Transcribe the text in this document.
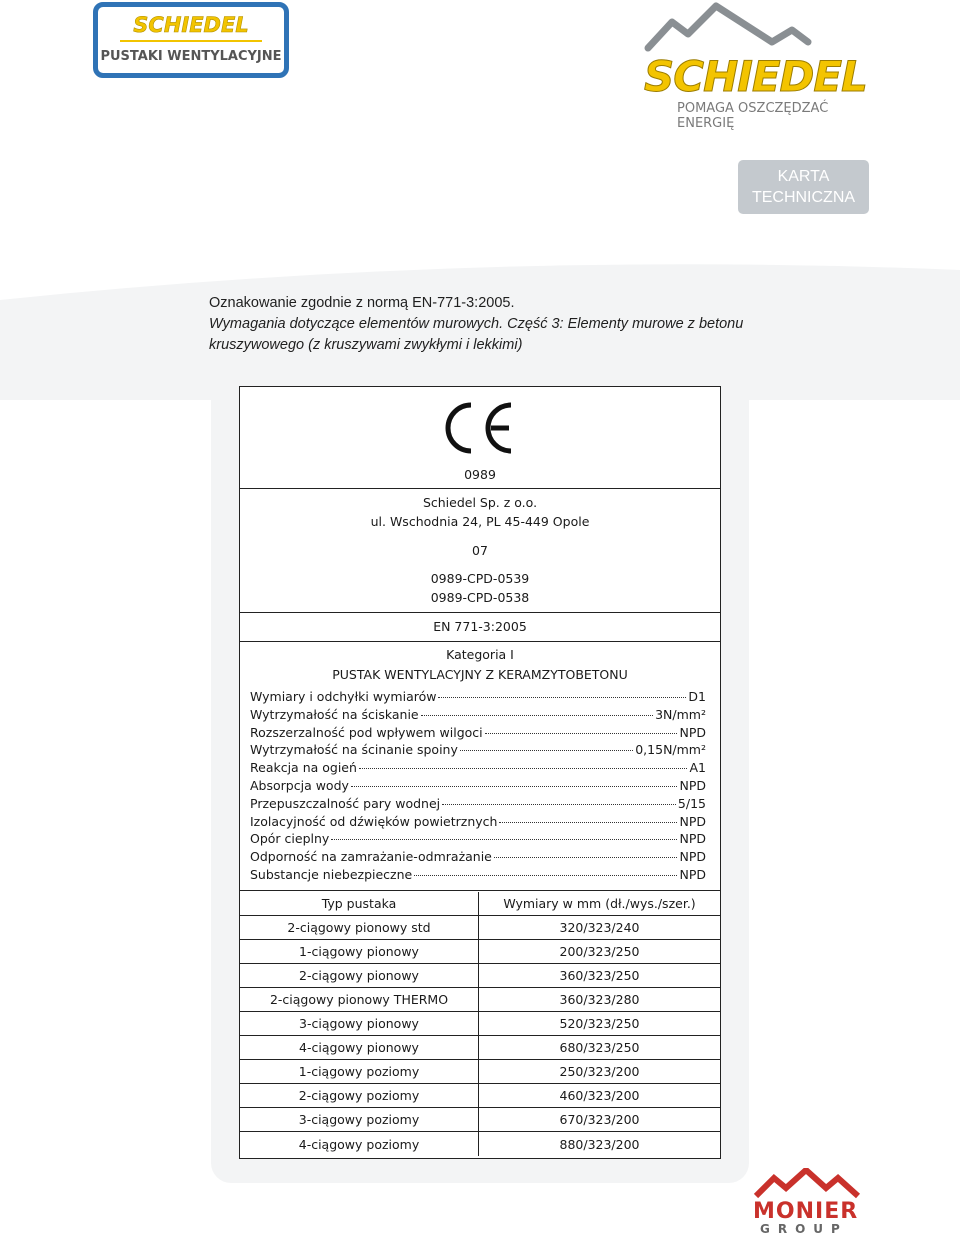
SCHIEDEL
PUSTAKI WENTYLACYJNE	SCHIEDEL
POMAGA OSZCZĘDZAĆ ENERGIĘ
KARTA
TECHNICZNA
Oznakowanie zgodnie z normą EN-771-3:2005.
Wymagania dotyczące elementów murowych. Część 3: Elementy murowe z betonu
kruszywowego (z kruszywami zwykłymi i lekkimi)
0989
Schiedel Sp. z o.o.
ul. Wschodnia 24, PL 45-449 Opole
07
0989-CPD-0539
0989-CPD-0538
EN 771-3:2005
Kategoria I
PUSTAK WENTYLACYJNY Z KERAMZYTOBETONU
Wymiary i odchyłki wymiarów	D1
Wytrzymałość na ściskanie	3N/mm²
Rozszerzalność pod wpływem wilgoci	NPD
Wytrzymałość na ścinanie spoiny	0,15N/mm²
Reakcja na ogień	A1
Absorpcja wody	NPD
Przepuszczalność pary wodnej	5/15
Izolacyjność od dźwięków powietrznych	NPD
Opór cieplny	NPD
Odporność na zamrażanie-odmrażanie	NPD
Substancje niebezpieczne	NPD
Typ pustaka	Wymiary w mm (dł./wys./szer.)
2-ciągowy pionowy std	320/323/240
1-ciągowy pionowy	200/323/250
2-ciągowy pionowy	360/323/250
2-ciągowy pionowy THERMO	360/323/280
3-ciągowy pionowy	520/323/250
4-ciągowy pionowy	680/323/250
1-ciągowy poziomy	250/323/200
2-ciągowy poziomy	460/323/200
3-ciągowy poziomy	670/323/200
4-ciągowy poziomy	880/323/200
MONIER
GROUP
